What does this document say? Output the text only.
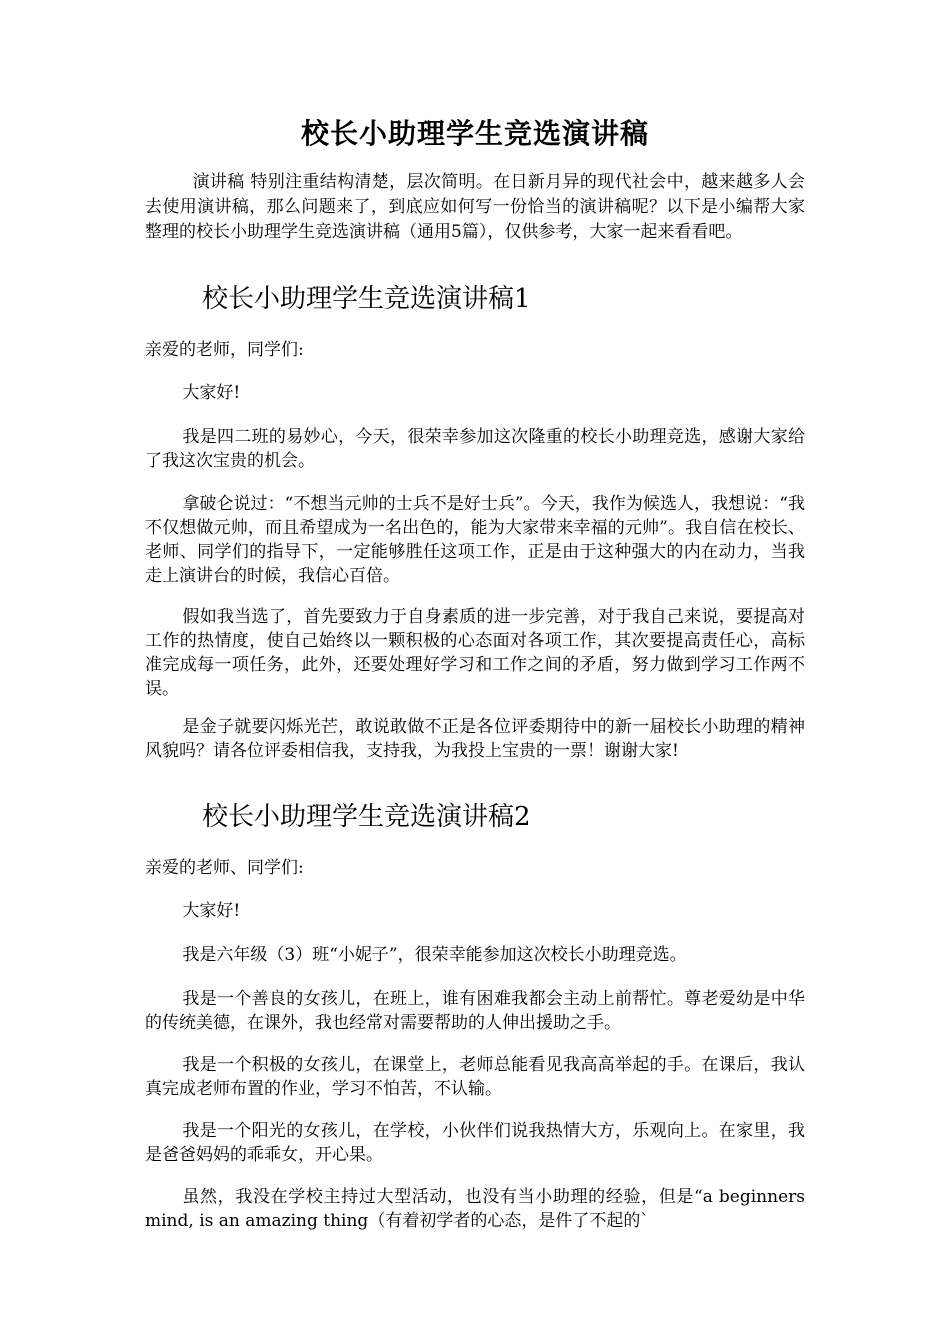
校长小助理学生竞选演讲稿

演讲稿 特别注重结构清楚，层次简明。在日新月异的现代社会中，越来越多人会去使用演讲稿，那么问题来了，到底应如何写一份恰当的演讲稿呢？以下是小编帮大家整理的校长小助理学生竞选演讲稿（通用5篇），仅供参考，大家一起来看看吧。

校长小助理学生竞选演讲稿1

亲爱的老师，同学们:

大家好!

我是四二班的易妙心，今天，很荣幸参加这次隆重的校长小助理竞选，感谢大家给了我这次宝贵的机会。

拿破仑说过：“不想当元帅的士兵不是好士兵”。今天，我作为候选人，我想说：“我不仅想做元帅，而且希望成为一名出色的，能为大家带来幸福的元帅”。我自信在校长、老师、同学们的指导下，一定能够胜任这项工作，正是由于这种强大的内在动力，当我走上演讲台的时候，我信心百倍。

假如我当选了，首先要致力于自身素质的进一步完善，对于我自己来说，要提高对工作的热情度，使自己始终以一颗积极的心态面对各项工作，其次要提高责任心，高标准完成每一项任务，此外，还要处理好学习和工作之间的矛盾，努力做到学习工作两不误。

是金子就要闪烁光芒，敢说敢做不正是各位评委期待中的新一届校长小助理的精神风貌吗？请各位评委相信我，支持我，为我投上宝贵的一票！谢谢大家!

校长小助理学生竞选演讲稿2

亲爱的老师、同学们:

大家好!

我是六年级（3）班“小妮子”，很荣幸能参加这次校长小助理竞选。

我是一个善良的女孩儿，在班上，谁有困难我都会主动上前帮忙。尊老爱幼是中华的传统美德，在课外，我也经常对需要帮助的人伸出援助之手。

我是一个积极的女孩儿，在课堂上，老师总能看见我高高举起的手。在课后，我认真完成老师布置的作业，学习不怕苦，不认输。

我是一个阳光的女孩儿，在学校，小伙伴们说我热情大方，乐观向上。在家里，我是爸爸妈妈的乖乖女，开心果。

虽然，我没在学校主持过大型活动，也没有当小助理的经验，但是“a beginners mind, is an amazing thing（有着初学者的心态，是件了不起的`
